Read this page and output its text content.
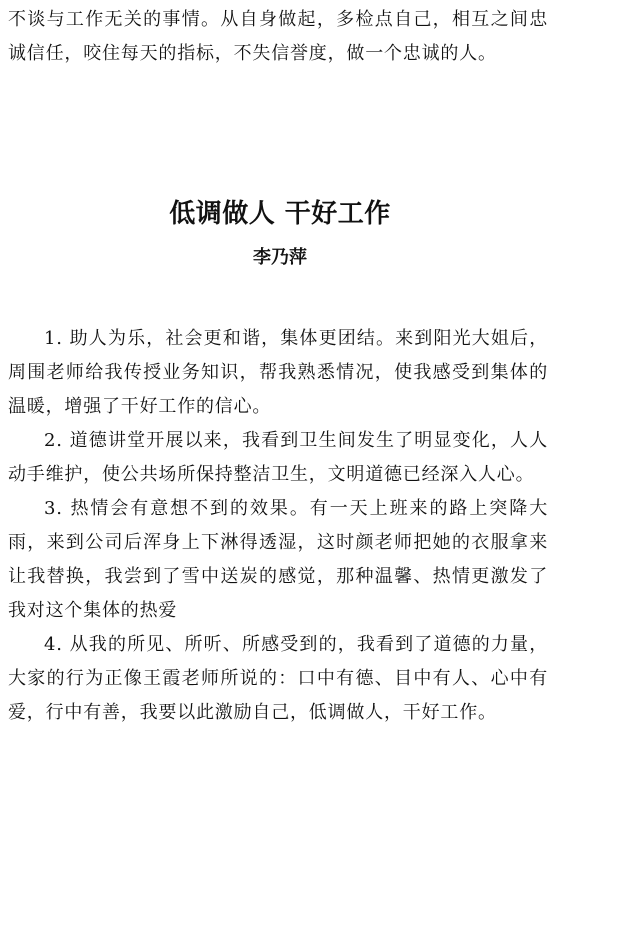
不谈与工作无关的事情。从自身做起，多检点自己，相互之间忠诚信任，咬住每天的指标，不失信誉度，做一个忠诚的人。

低调做人 干好工作
李乃萍

1. 助人为乐，社会更和谐，集体更团结。来到阳光大姐后，周围老师给我传授业务知识，帮我熟悉情况，使我感受到集体的温暖，增强了干好工作的信心。

2. 道德讲堂开展以来，我看到卫生间发生了明显变化，人人动手维护，使公共场所保持整洁卫生，文明道德已经深入人心。

3. 热情会有意想不到的效果。有一天上班来的路上突降大雨，来到公司后浑身上下淋得透湿，这时颜老师把她的衣服拿来让我替换，我尝到了雪中送炭的感觉，那种温馨、热情更激发了我对这个集体的热爱

4. 从我的所见、所听、所感受到的，我看到了道德的力量，大家的行为正像王霞老师所说的：口中有德、目中有人、心中有爱，行中有善，我要以此激励自己，低调做人，干好工作。
